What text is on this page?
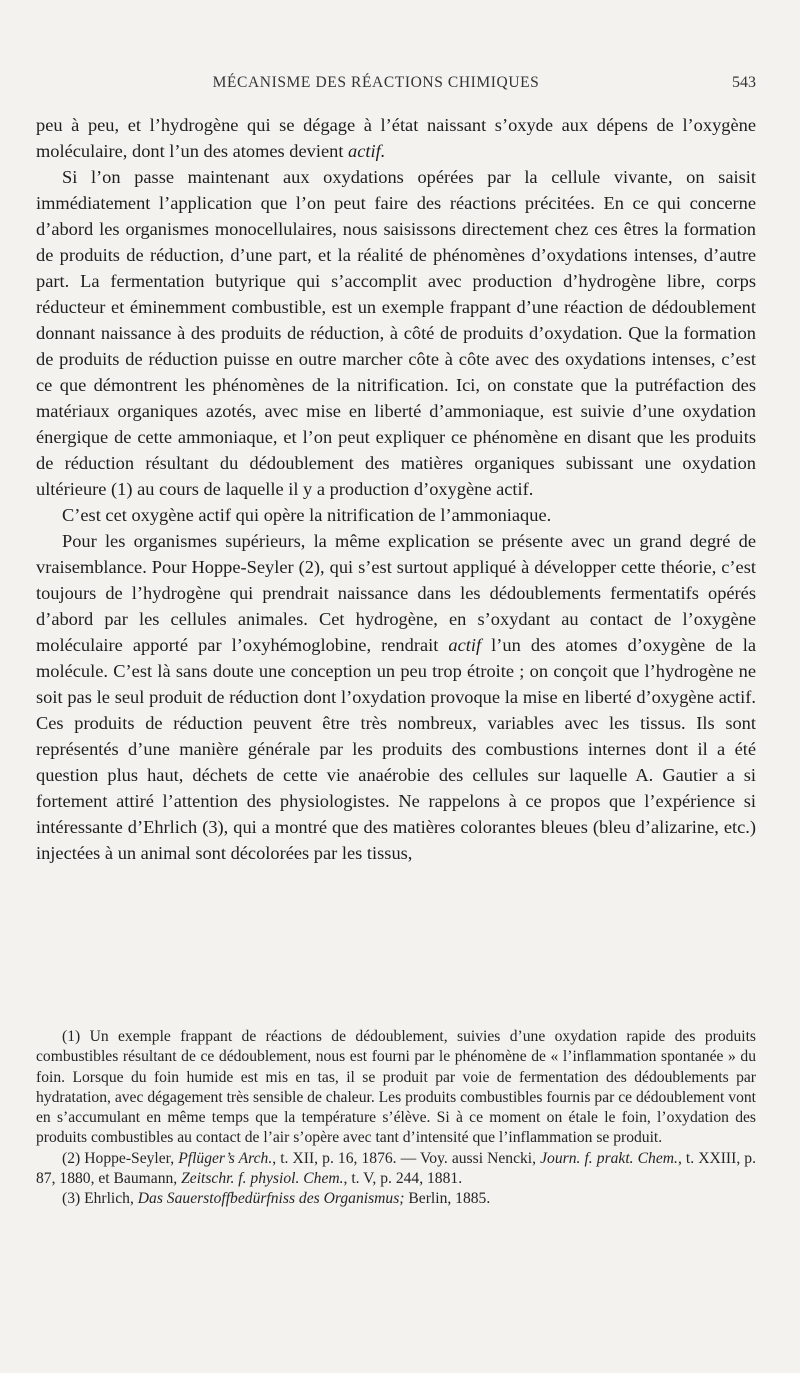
MÉCANISME DES RÉACTIONS CHIMIQUES	543

peu à peu, et l’hydrogène qui se dégage à l’état naissant s’oxyde aux dépens de l’oxygène moléculaire, dont l’un des atomes devient actif.

Si l’on passe maintenant aux oxydations opérées par la cellule vivante, on saisit immédiatement l’application que l’on peut faire des réactions précitées. En ce qui concerne d’abord les organismes monocellulaires, nous saisissons directement chez ces êtres la formation de produits de réduction, d’une part, et la réalité de phénomènes d’oxydations intenses, d’autre part. La fermentation butyrique qui s’accomplit avec production d’hydrogène libre, corps réducteur et éminemment combustible, est un exemple frappant d’une réaction de dédoublement donnant naissance à des produits de réduction, à côté de produits d’oxydation. Que la formation de produits de réduction puisse en outre marcher côte à côte avec des oxydations intenses, c’est ce que démontrent les phénomènes de la nitrification. Ici, on constate que la putréfaction des matériaux organiques azotés, avec mise en liberté d’ammoniaque, est suivie d’une oxydation énergique de cette ammoniaque, et l’on peut expliquer ce phénomène en disant que les produits de réduction résultant du dédoublement des matières organiques subissant une oxydation ultérieure (1) au cours de laquelle il y a production d’oxygène actif.

C’est cet oxygène actif qui opère la nitrification de l’ammoniaque.

Pour les organismes supérieurs, la même explication se présente avec un grand degré de vraisemblance. Pour Hoppe-Seyler (2), qui s’est surtout appliqué à développer cette théorie, c’est toujours de l’hydrogène qui prendrait naissance dans les dédoublements fermentatifs opérés d’abord par les cellules animales. Cet hydrogène, en s’oxydant au contact de l’oxygène moléculaire apporté par l’oxyhémoglobine, rendrait actif l’un des atomes d’oxygène de la molécule. C’est là sans doute une conception un peu trop étroite ; on conçoit que l’hydrogène ne soit pas le seul produit de réduction dont l’oxydation provoque la mise en liberté d’oxygène actif. Ces produits de réduction peuvent être très nombreux, variables avec les tissus. Ils sont représentés d’une manière générale par les produits des combustions internes dont il a été question plus haut, déchets de cette vie anaérobie des cellules sur laquelle A. Gautier a si fortement attiré l’attention des physiologistes. Ne rappelons à ce propos que l’expérience si intéressante d’Ehrlich (3), qui a montré que des matières colorantes bleues (bleu d’alizarine, etc.) injectées à un animal sont décolorées par les tissus,

(1) Un exemple frappant de réactions de dédoublement, suivies d’une oxydation rapide des produits combustibles résultant de ce dédoublement, nous est fourni par le phénomène de « l’inflammation spontanée » du foin. Lorsque du foin humide est mis en tas, il se produit par voie de fermentation des dédoublements par hydratation, avec dégagement très sensible de chaleur. Les produits combustibles fournis par ce dédoublement vont en s’accumulant en même temps que la température s’élève. Si à ce moment on étale le foin, l’oxydation des produits combustibles au contact de l’air s’opère avec tant d’intensité que l’inflammation se produit.

(2) Hoppe-Seyler, Pflüger’s Arch., t. XII, p. 16, 1876. — Voy. aussi Nencki, Journ. f. prakt. Chem., t. XXIII, p. 87, 1880, et Baumann, Zeitschr. f. physiol. Chem., t. V, p. 244, 1881.

(3) Ehrlich, Das Sauerstoffbedürfniss des Organismus; Berlin, 1885.
